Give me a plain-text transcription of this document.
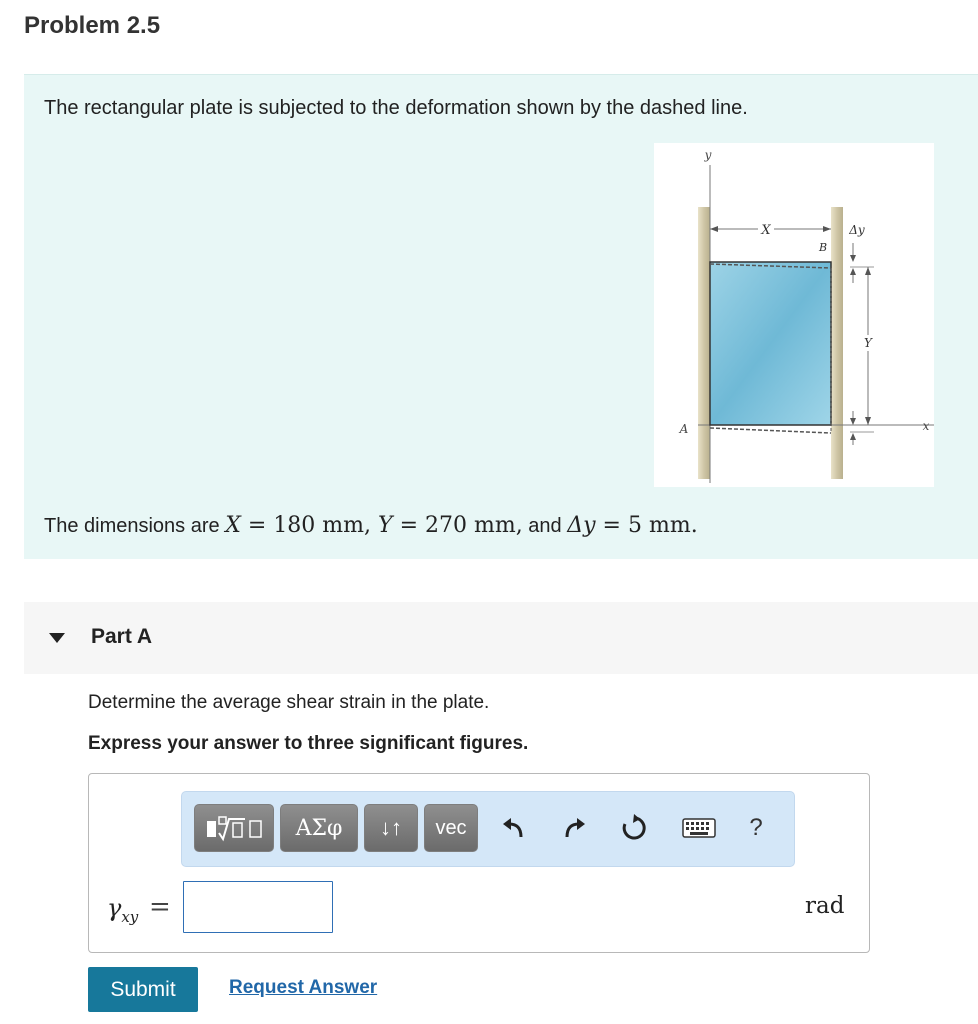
Problem 2.5

The rectangular plate is subjected to the deformation shown by the dashed line.

X
B
Δy
Y
y
x
A

The dimensions are X = 180 mm, Y = 270 mm, and Δy = 5 mm.

Part A

Determine the average shear strain in the plate.

Express your answer to three significant figures.

ΑΣφ	↓↑	vec	?
$\gamma_{xy}$ =	rad
Submit	Request Answer
